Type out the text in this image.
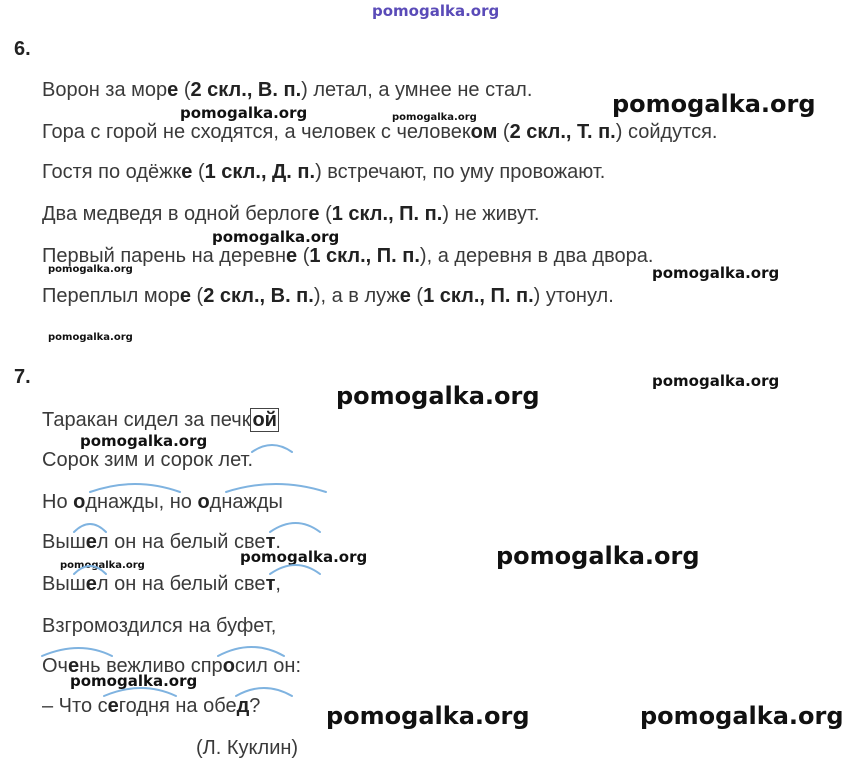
pomogalka.org
pomogalka.org	pomogalka.org	pomogalka.org
pomogalka.org
pomogalka.org	pomogalka.org
pomogalka.org
pomogalka.org
pomogalka.org
pomogalka.org
pomogalka.org
pomogalka.org
pomogalka.org
pomogalka.org
pomogalka.org	pomogalka.org
6.
Ворон за море (2 скл., В. п.) летал, а умнее не стал.
Гора с горой не сходятся, а человек с человеком (2 скл., Т. п.) сойдутся.
Гостя по одёжке (1 скл., Д. п.) встречают, по уму провожают.
Два медведя в одной берлоге (1 скл., П. п.) не живут.
Первый парень на деревне (1 скл., П. п.), а деревня в два двора.
Переплыл море (2 скл., В. п.), а в луже (1 скл., П. п.) утонул.
7.
Таракан сидел за печк ой
Сорок зим и сорок лет.
Но однажды, но однажды
Вышел он на белый свет.
Вышел он на белый свет,
Взгромоздился на буфет,
Очень вежливо спросил он:
– Что сегодня на обед?
(Л. Куклин)
